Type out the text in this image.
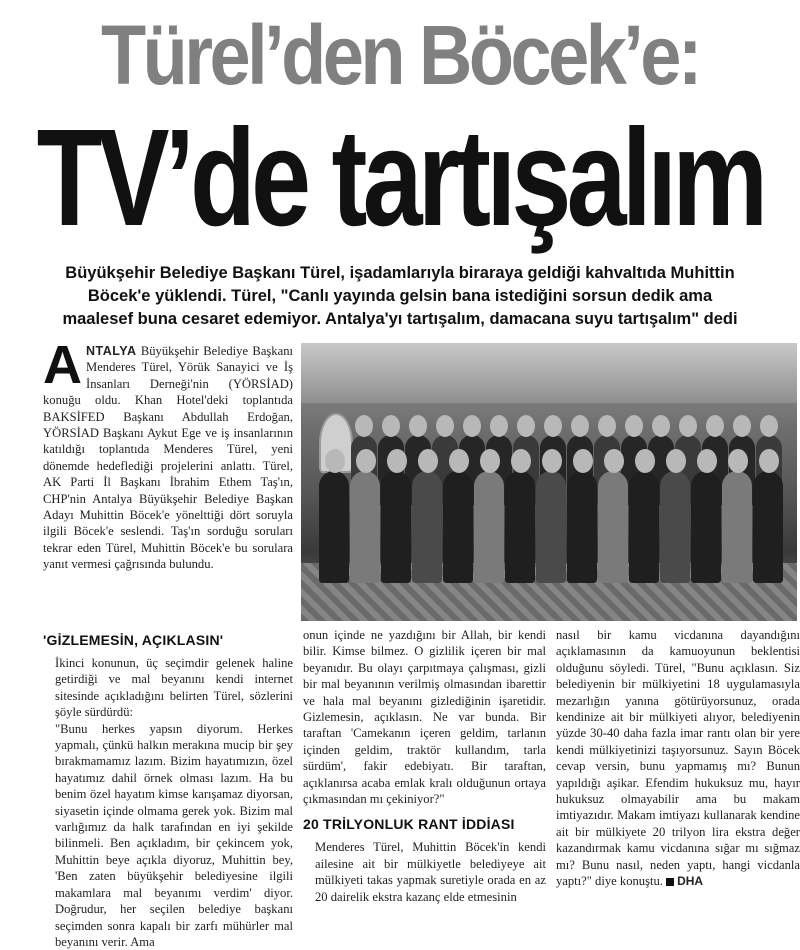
Türel’den Böcek’e:
TV’de tartışalım
Büyükşehir Belediye Başkanı Türel, işadamlarıyla biraraya geldiği kahvaltıda Muhittin
Böcek'e yüklendi. Türel, "Canlı yayında gelsin bana istediğini sorsun dedik ama
maalesef buna cesaret edemiyor. Antalya'yı tartışalım, damacana suyu tartışalım" dedi
A NTALYA Büyükşehir Belediye Başkanı Menderes Türel, Yörük Sanayici ve İş İnsanları Derneği'nin (YÖRSİAD) konuğu oldu. Khan Hotel'deki toplantıda BAKSİFED Başkanı Abdullah Erdoğan, YÖRSİAD Başkanı Aykut Ege ve iş insanlarının katıldığı toplantıda Menderes Türel, yeni dönemde hedeflediği projelerini anlattı. Türel, AK Parti İl Başkanı İbrahim Ethem Taş'ın, CHP'nin Antalya Büyükşehir Belediye Başkan Adayı Muhittin Böcek'e yönelttiği dört soruyla ilgili Böcek'e seslendi. Taş'ın sorduğu soruları tekrar eden Türel, Muhittin Böcek'e bu sorulara yanıt vermesi çağrısında bulundu.

'GİZLEMESİN, AÇIKLASIN'

İkinci konunun, üç seçimdir gelenek haline getirdiği ve mal beyanını kendi internet sitesinde açıkladığını belirten Türel, sözlerini şöyle sürdürdü:

"Bunu herkes yapsın diyorum. Herkes yapmalı, çünkü halkın merakına mucip bir şey bırakmamamız lazım. Bizim hayatımızın, özel hayatımız dahil örnek olması lazım. Ha bu benim özel hayatım kimse karışamaz diyorsan, siyasetin içinde olmama gerek yok. Bizim mal varlığımız da halk tarafından en iyi şekilde bilinmeli. Ben açıkladım, bir çekincem yok, Muhittin beye açıkla diyoruz, Muhittin bey, 'Ben zaten büyükşehir belediyesine ilgili makamlara mal beyanımı verdim' diyor. Doğrudur, her seçilen belediye başkanı seçimden sonra kapalı bir zarfı mühürler mal beyanını verir. Ama

onun içinde ne yazdığını bir Allah, bir kendi bilir. Kimse bilmez. O gizlilik içeren bir mal beyanıdır. Bu olayı çarpıtmaya çalışması, gizli bir mal beyanının verilmiş olmasından ibarettir ve hala mal beyanını gizlediğinin işaretidir. Gizlemesin, açıklasın. Ne var bunda. Bir taraftan 'Camekanın içeren geldim, tarlanın içinden geldim, traktör kullandım, tarla sürdüm', fakir edebiyatı. Bir taraftan, açıklanırsa acaba emlak kralı olduğunun ortaya çıkmasından mı çekiniyor?"

20 TRİLYONLUK RANT İDDİASI

Menderes Türel, Muhittin Böcek'in kendi ailesine ait bir mülkiyetle belediyeye ait mülkiyeti takas yapmak suretiyle orada en az 20 dairelik ekstra kazanç elde etmesinin

nasıl bir kamu vicdanına dayandığını açıklamasının da kamuoyunun beklentisi olduğunu söyledi. Türel, "Bunu açıklasın. Siz belediyenin bir mülkiyetini 18 uygulamasıyla mezarlığın yanına götürüyorsunuz, orada kendinize ait bir mülkiyeti alıyor, belediyenin yüzde 30-40 daha fazla imar rantı olan bir yere kendi mülkiyetinizi taşıyorsunuz. Sayın Böcek cevap versin, bunu yapmamış mı? Bunun yapıldığı aşikar. Efendim hukuksuz mu, hayır hukuksuz olmayabilir ama bu makam imtiyazıdır. Makam imtiyazı kullanarak kendine ait bir mülkiyete 20 trilyon lira ekstra değer kazandırmak kamu vicdanına sığar mı sığmaz mı? Bunu nasıl, neden yaptı, hangi vicdanla yaptı?" diye konuştu. DHA
